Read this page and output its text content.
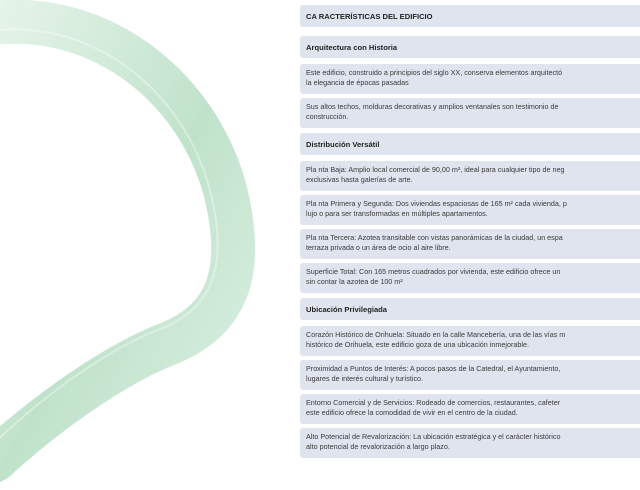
CA RACTERÍSTICAS DEL EDIFICIO
Arquitectura con Historia
Este edificio, construido a principios del siglo XX, conserva elementos arquitectó
la elegancia de épocas pasadas
Sus altos techos, molduras decorativas y amplios ventanales son testimonio de
construcción.
Distribución Versátil
Pla nta Baja: Amplio local comercial de 90,00 m², ideal para cualquier tipo de neg
exclusivas hasta galerías de arte.
Pla nta Primera y Segunda: Dos viviendas espaciosas de 165 m² cada vivienda, p
lujo o para ser transformadas en múltiples apartamentos.
Pla nta Tercera: Azotea transitable con vistas panorámicas de la ciudad, un espa
terraza privada o un área de ocio al aire libre.
Superficie Total: Con 165 metros cuadrados por vivienda, este edificio ofrece un
sin contar la azotea de 100 m²
Ubicación Privilegiada
Corazón Histórico de Orihuela: Situado en la calle Mancebería, una de las vías m
histórico de Orihuela, este edificio goza de una ubicación inmejorable.
Proximidad a Puntos de Interés: A pocos pasos de la Catedral, el Ayuntamiento,
lugares de interés cultural y turístico.
Entorno Comercial y de Servicios: Rodeado de comercios, restaurantes, cafeter
este edificio ofrece la comodidad de vivir en el centro de la ciudad.
Alto Potencial de Revalorización: La ubicación estratégica y el carácter histórico
alto potencial de revalorización a largo plazo.
